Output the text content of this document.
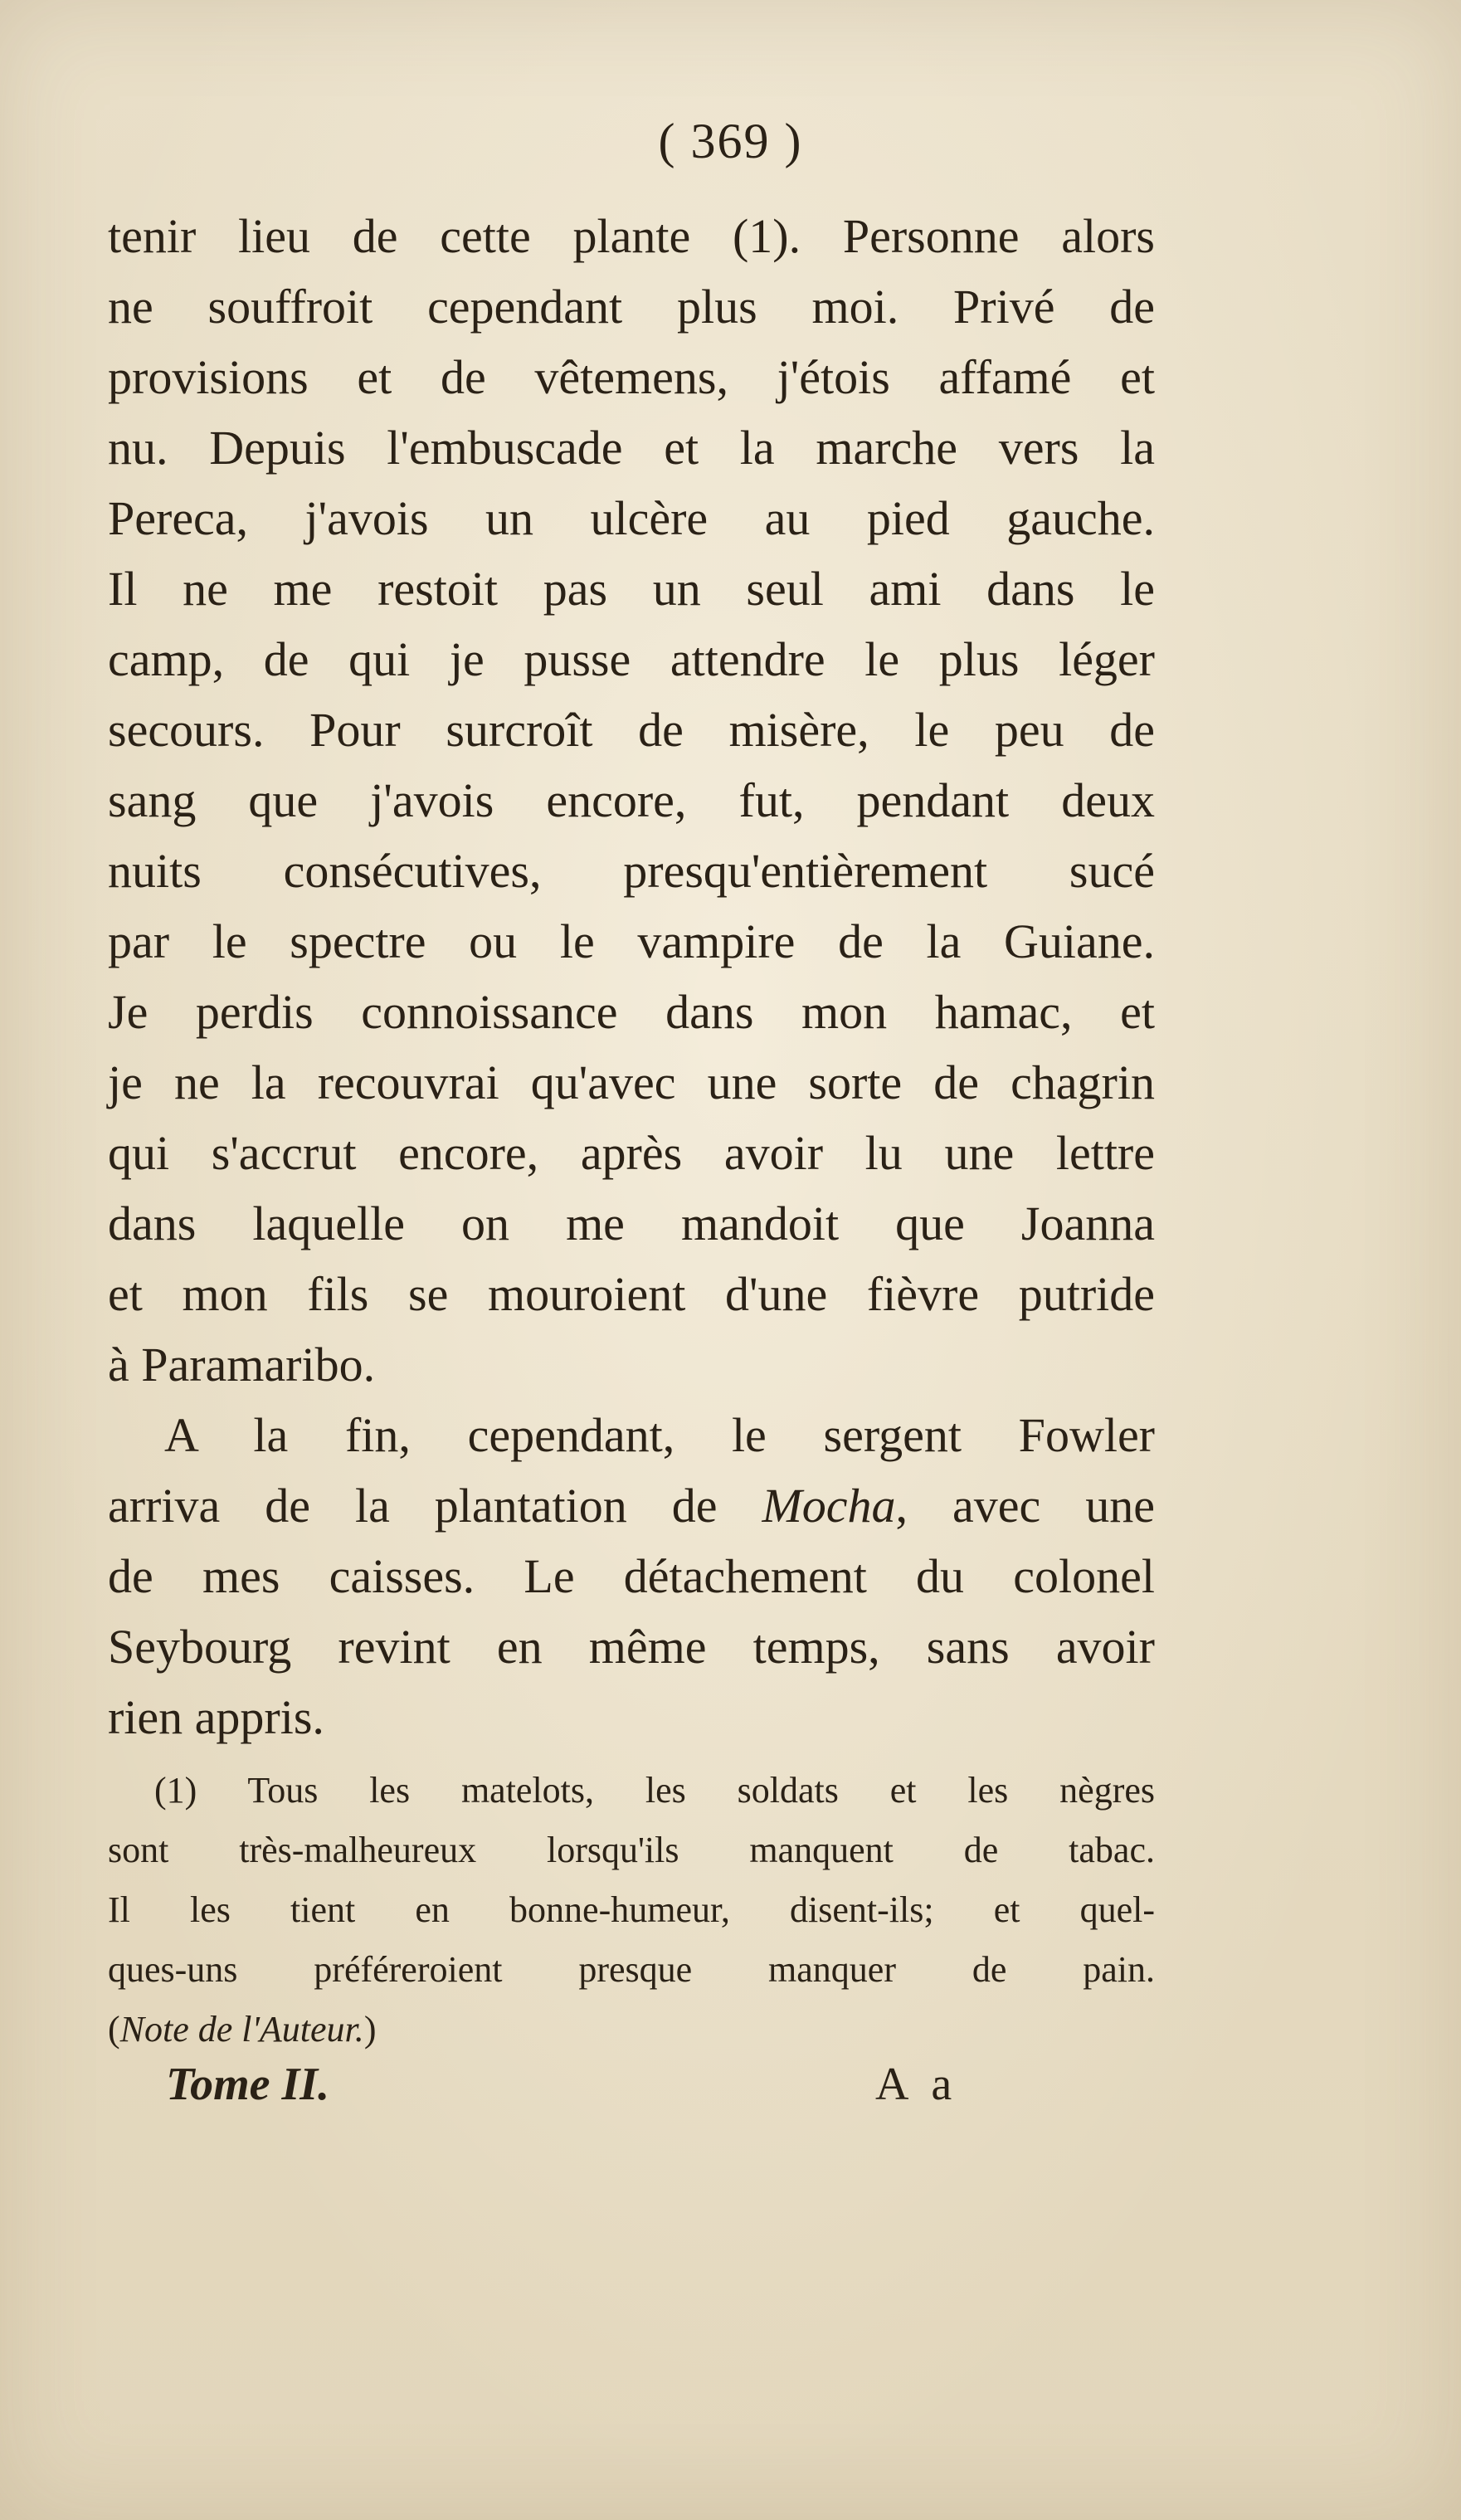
( 369 )
tenir lieu de cette plante (1). Personne alors
ne souffroit cependant plus moi. Privé de
provisions et de vêtemens, j'étois affamé et
nu. Depuis l'embuscade et la marche vers la
Pereca, j'avois un ulcère au pied gauche.
Il ne me restoit pas un seul ami dans le
camp, de qui je pusse attendre le plus léger
secours. Pour surcroît de misère, le peu de
sang que j'avois encore, fut, pendant deux
nuits consécutives, presqu'entièrement sucé
par le spectre ou le vampire de la Guiane.
Je perdis connoissance dans mon hamac, et
je ne la recouvrai qu'avec une sorte de chagrin
qui s'accrut encore, après avoir lu une lettre
dans laquelle on me mandoit que Joanna
et mon fils se mouroient d'une fièvre putride
à Paramaribo.
A la fin, cependant, le sergent Fowler
arriva de la plantation de Mocha, avec une
de mes caisses. Le détachement du colonel
Seybourg revint en même temps, sans avoir
rien appris.
(1) Tous les matelots, les soldats et les nègres
sont très-malheureux lorsqu'ils manquent de tabac.
Il les tient en bonne-humeur, disent-ils; et quel-
ques-uns préféreroient presque manquer de pain.
(Note de l'Auteur.)
Tome II.	A a
